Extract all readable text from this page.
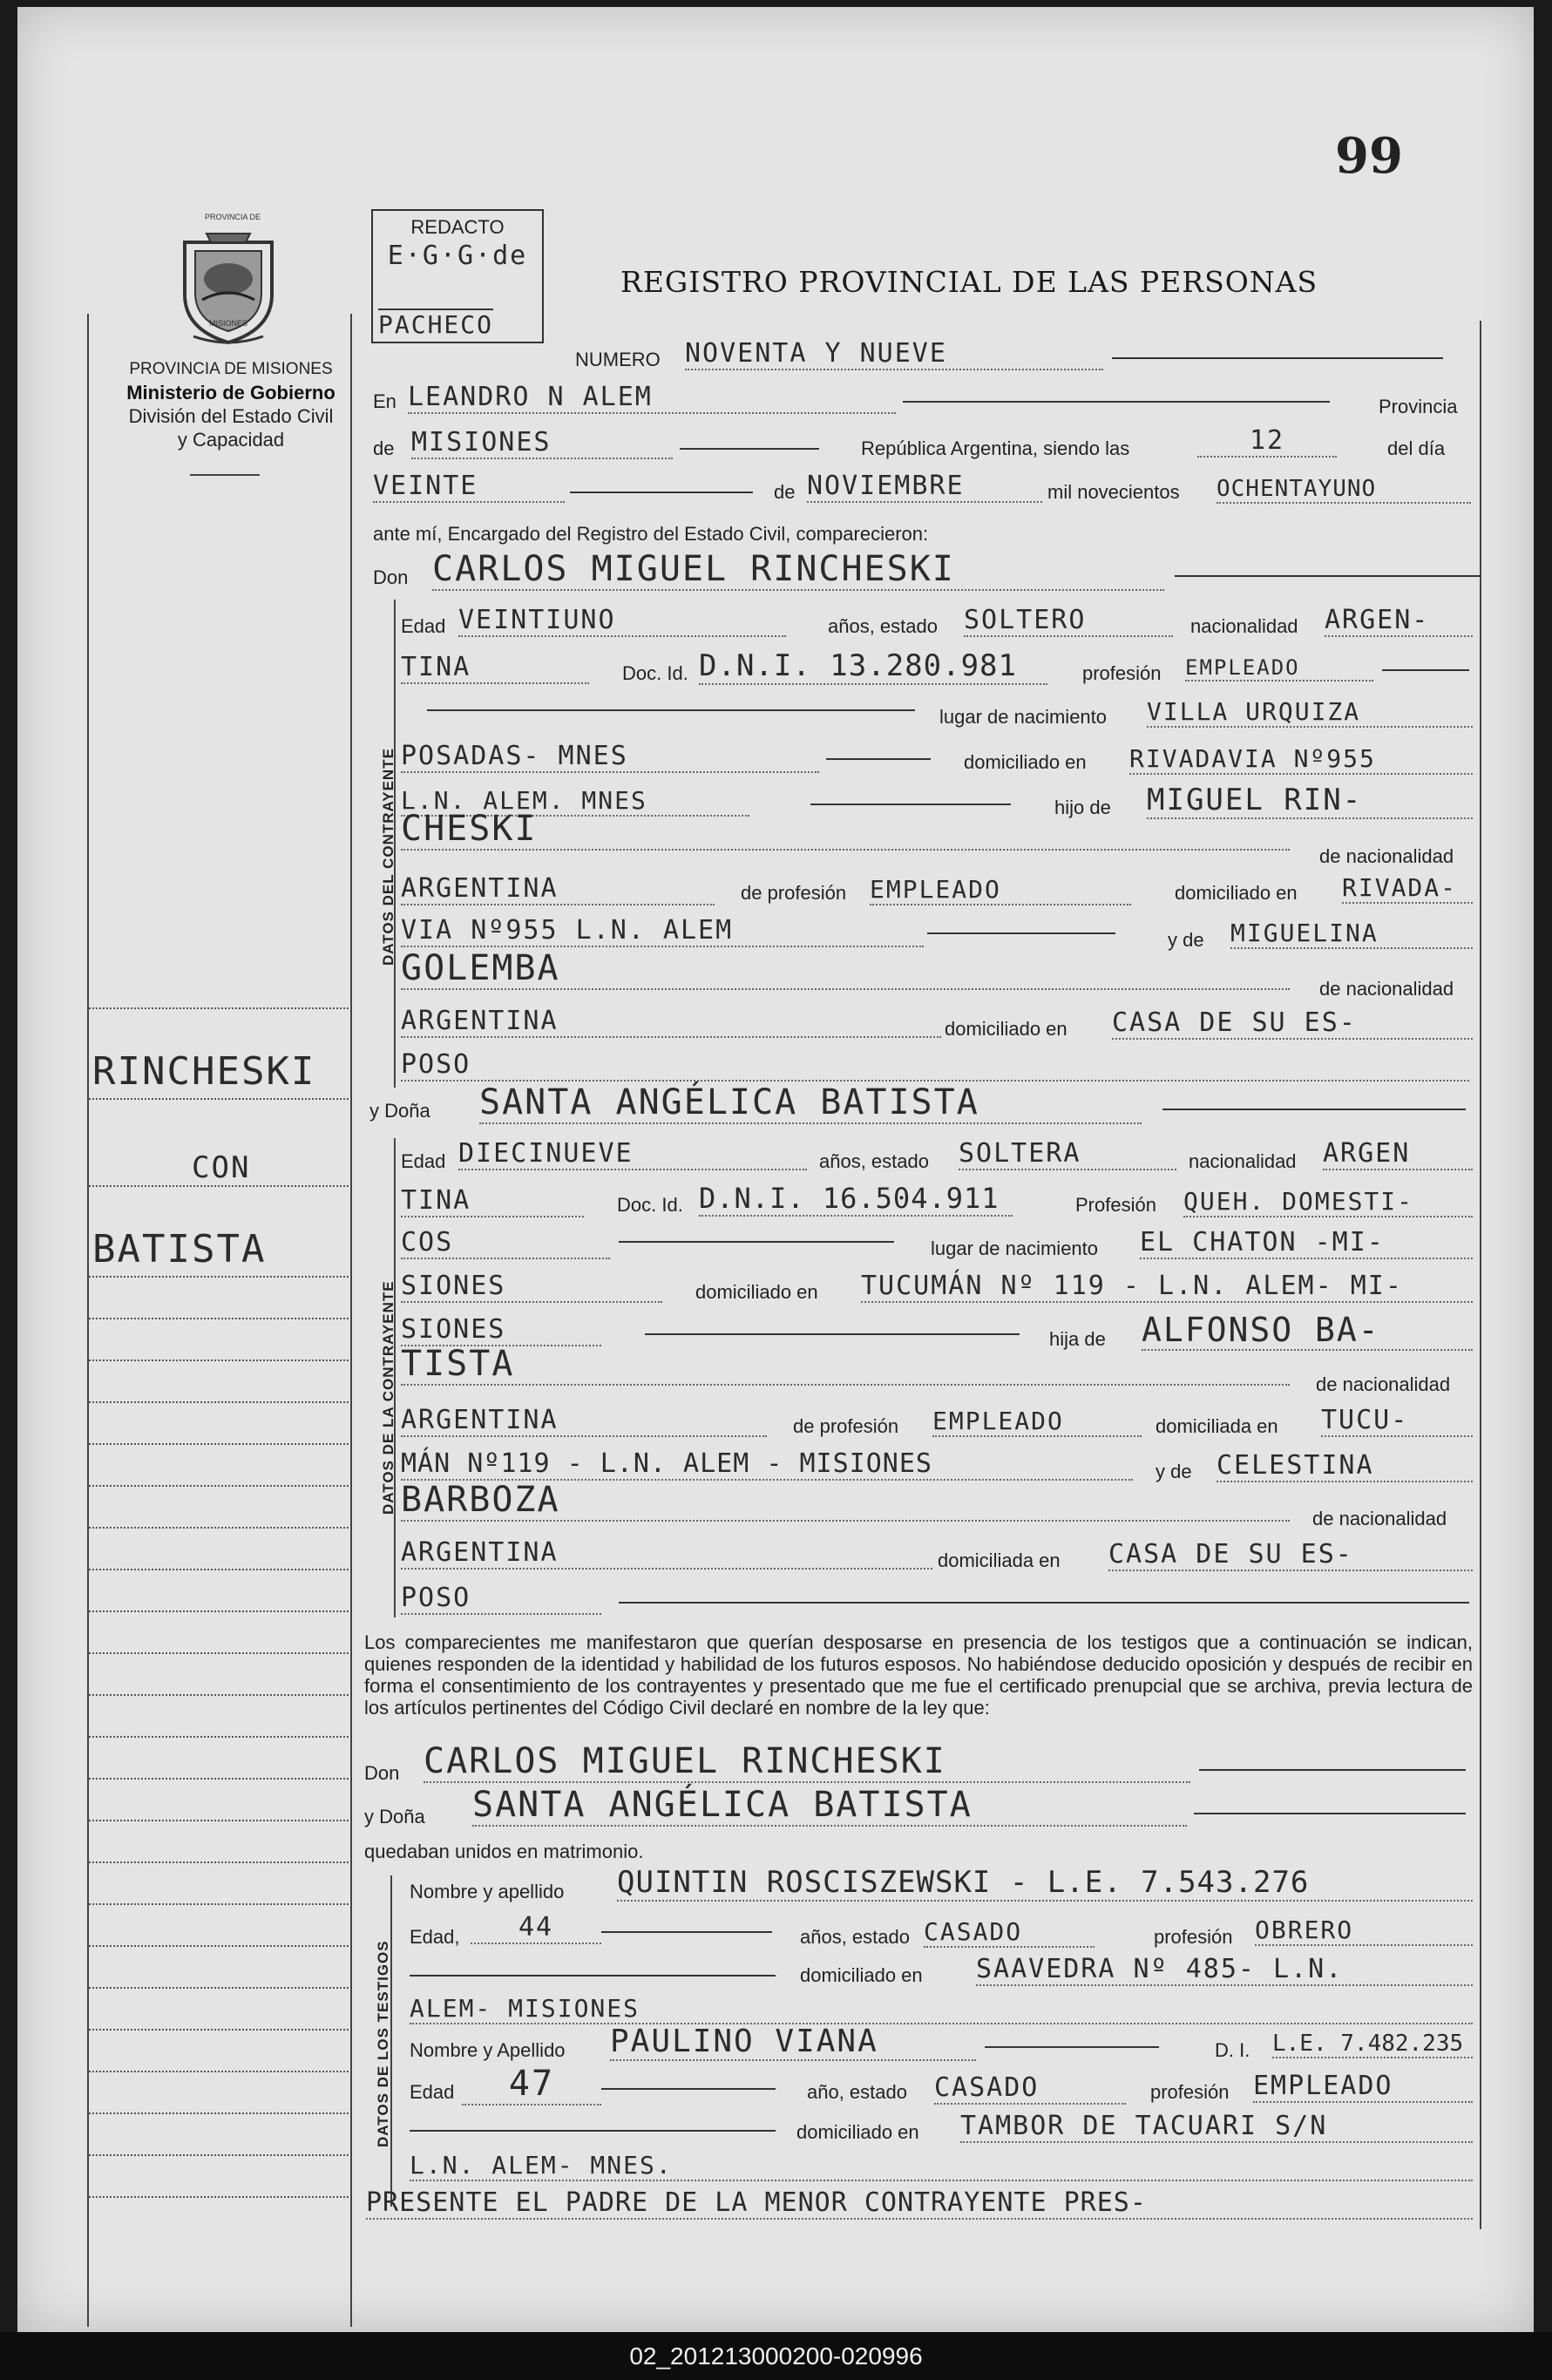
99
MISIONES
PROVINCIA DE
PROVINCIA DE MISIONES
Ministerio de Gobierno
División del Estado Civil
y Capacidad
REDACTO
E·G·G·de
PACHECO
REGISTRO PROVINCIAL DE LAS PERSONAS
RINCHESKI
CON
BATISTA
NUMERO NOVENTA Y NUEVE
En LEANDRO N ALEM	Provincia
de MISIONES	República Argentina, siendo las	12	del día
VEINTE	de NOVIEMBRE	mil novecientos OCHENTAYUNO
ante mí, Encargado del Registro del Estado Civil, comparecieron:
Don CARLOS MIGUEL RINCHESKI
DATOS DEL CONTRAYENTE
Edad VEINTIUNO	años, estado SOLTERO	nacionalidad ARGEN-
TINA	Doc. Id. D.N.I. 13.280.981	profesión EMPLEADO
lugar de nacimiento VILLA URQUIZA
POSADAS- MNES	domiciliado en RIVADAVIA Nº955
L.N. ALEM. MNES	hijo de MIGUEL RIN-
CHESKI
de nacionalidad
ARGENTINA	de profesión EMPLEADO	domiciliado en RIVADA-
VIA Nº955 L.N. ALEM	y de MIGUELINA
GOLEMBA
de nacionalidad
ARGENTINA	domiciliado en CASA DE SU ES-
POSO
y Doña SANTA ANGÉLICA BATISTA
DATOS DE LA CONTRAYENTE
Edad DIECINUEVE	años, estado SOLTERA	nacionalidad ARGEN
TINA	Doc. Id. D.N.I. 16.504.911	Profesión QUEH. DOMESTI-
COS	lugar de nacimiento EL CHATON -MI-
SIONES	domiciliado en TUCUMÁN Nº 119 - L.N. ALEM- MI-
SIONES	hija de ALFONSO BA-
TISTA
de nacionalidad
ARGENTINA	de profesión EMPLEADO	domiciliada en TUCU-
MÁN Nº119 - L.N. ALEM - MISIONES	y de CELESTINA
BARBOZA	de nacionalidad
ARGENTINA	domiciliada en CASA DE SU ES-
POSO
Los comparecientes me manifestaron que querían desposarse en presencia de los testigos que a continuación se indican, quienes responden de la identidad y habilidad de los futuros esposos. No habiéndose deducido oposición y después de recibir en forma el consentimiento de los contrayentes y presentado que me fue el certificado prenupcial que se archiva, previa lectura de los artículos pertinentes del Código Civil declaré en nombre de la ley que:
Don CARLOS MIGUEL RINCHESKI
y Doña SANTA ANGÉLICA BATISTA
quedaban unidos en matrimonio.
DATOS DE LOS TESTIGOS
Nombre y apellido QUINTIN ROSCISZEWSKI - L.E. 7.543.276
Edad,	44	años, estado CASADO	profesión OBRERO
domiciliado en SAAVEDRA Nº 485- L.N.
ALEM- MISIONES
Nombre y Apellido PAULINO VIANA	D. I. L.E. 7.482.235
Edad	47	año, estado CASADO	profesión EMPLEADO
domiciliado en TAMBOR DE TACUARI S/N
L.N. ALEM- MNES.
PRESENTE EL PADRE DE LA MENOR CONTRAYENTE PRES-
02_201213000200-020996
